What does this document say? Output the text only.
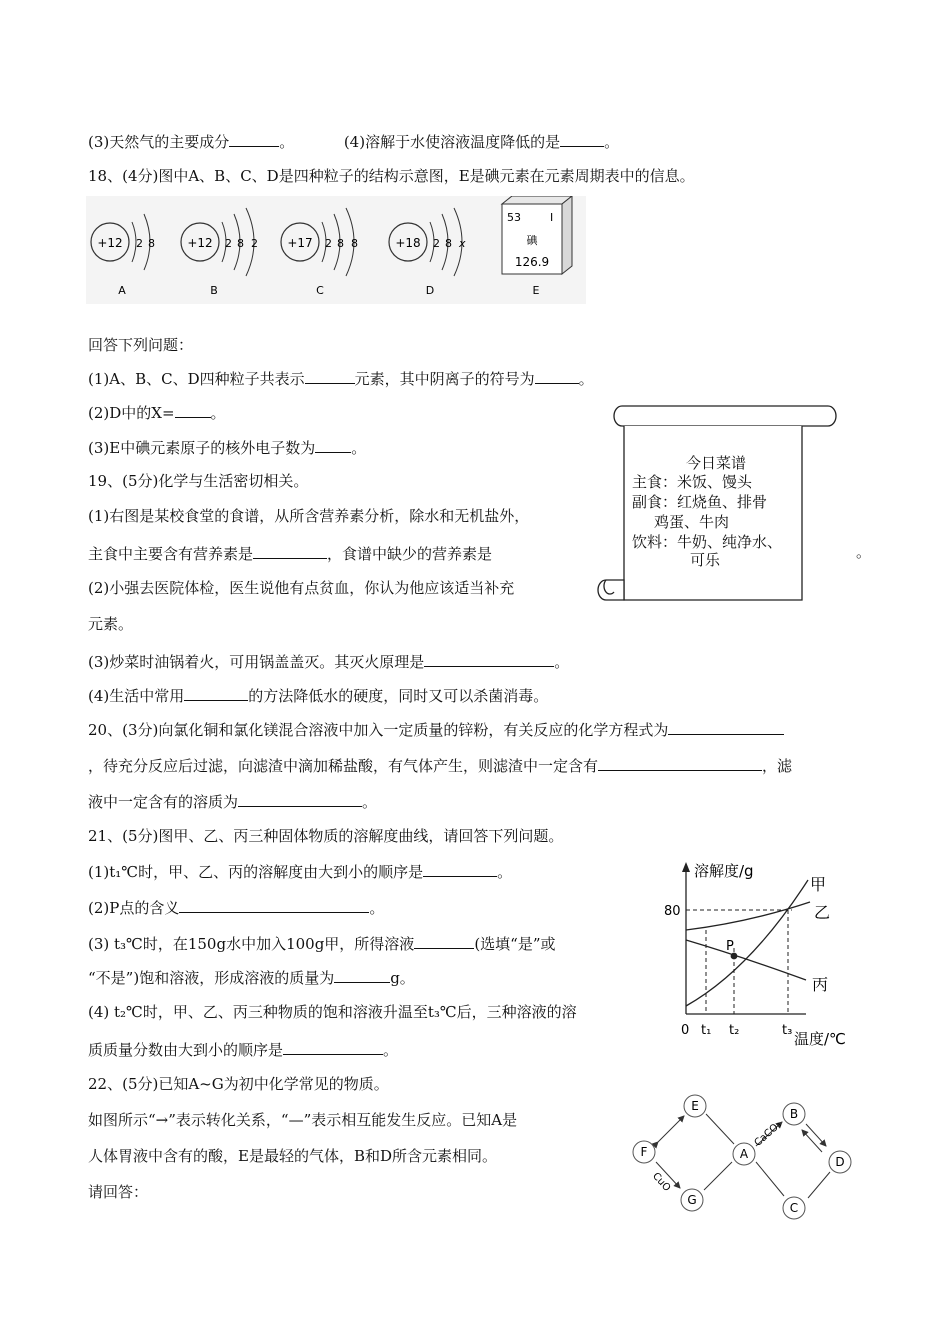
(3)天然气的主要成分	。	(4)溶解于水使溶液温度降低的是	。
18、(4分)图中A、B、C、D是四种粒子的结构示意图，E是碘元素在元素周期表中的信息。
+12 2 8
A
+12 2 8 2
B
+17 2 8 8
C
+18 2 8 x
D
53	I
碘
126.9
E
回答下列问题：
(1)A、B、C、D四种粒子共表示	元素，其中阴离子的符号为	。
(2)D中的X= 。
(3)E中碘元素原子的核外电子数为 。
今日菜谱
主食：米饭、馒头
副食：红烧鱼、排骨
鸡蛋、牛肉
饮料：牛奶、纯净水、
可乐
19、(5分)化学与生活密切相关。
(1)右图是某校食堂的食谱，从所含营养素分析，除水和无机盐外，
主食中主要含有营养素是	，食谱中缺少的营养素是	。
(2)小强去医院体检，医生说他有点贫血，你认为他应该适当补充
元素。
(3)炒菜时油锅着火，可用锅盖盖灭。其灭火原理是	。
(4)生活中常用	的方法降低水的硬度，同时又可以杀菌消毒。
20、(3分)向氯化铜和氯化镁混合溶液中加入一定质量的锌粉，有关反应的化学方程式为
，待充分反应后过滤，向滤渣中滴加稀盐酸，有气体产生，则滤渣中一定含有	，滤
液中一定含有的溶质为	。
21、(5分)图甲、乙、丙三种固体物质的溶解度曲线，请回答下列问题。
(1)t₁℃时，甲、乙、丙的溶解度由大到小的顺序是	。
(2)P点的含义	。
(3) t₃℃时，在150g水中加入100g甲，所得溶液	(选填“是”或
“不是”)饱和溶液，形成溶液的质量为	g。
(4) t₂℃时，甲、乙、丙三种物质的饱和溶液升温至t₃℃后，三种溶液的溶
质质量分数由大到小的顺序是	。
溶解度/g
温度/℃
80
P
甲
乙
丙
0 t₁ t₂	t₃
22、(5分)已知A~G为初中化学常见的物质。
如图所示“→”表示转化关系，“—”表示相互能发生反应。已知A是
人体胃液中含有的酸，E是最轻的气体，B和D所含元素相同。
请回答：
E
F	A
B
D
G
C
CaCO₃
CuO
